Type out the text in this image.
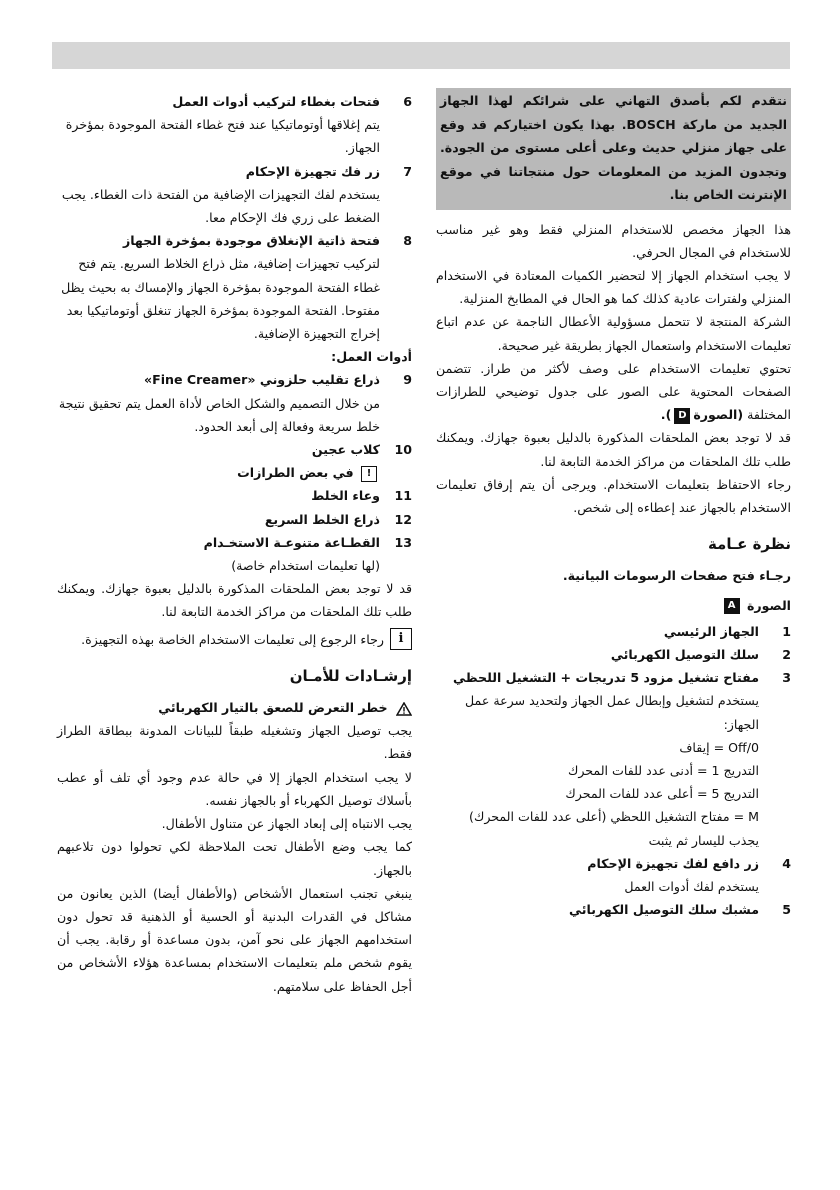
نتقدم لكم بأصدق التهاني على شرائكم لهذا الجهاز الجديد من ماركة BOSCH. بهذا يكون اختياركم قد وقع على جهاز منزلي حديث وعلى أعلى مستوى من الجودة. وتجدون المزيد من المعلومات حول منتجاتنا في موقع الإنترنت الخاص بنا.

هذا الجهاز مخصص للاستخدام المنزلي فقط وهو غير مناسب للاستخدام في المجال الحرفي.

لا يجب استخدام الجهاز إلا لتحضير الكميات المعتادة في الاستخدام المنزلي ولفترات عادية كذلك كما هو الحال في المطابخ المنزلية.

الشركة المنتجة لا تتحمل مسؤولية الأعطال الناجمة عن عدم اتباع تعليمات الاستخدام واستعمال الجهاز بطريقة غير صحيحة.

تحتوي تعليمات الاستخدام على وصف لأكثر من طراز. تتضمن الصفحات المحتوية على الصور على جدول توضيحي للطرازات المختلفة (الصورةD).

قد لا توجد بعض الملحقات المذكورة بالدليل بعبوة جهازك. ويمكنك طلب تلك الملحقات من مراكز الخدمة التابعة لنا.

رجاء الاحتفاظ بتعليمات الاستخدام. ويرجى أن يتم إرفاق تعليمات الاستخدام بالجهاز عند إعطاءه إلى شخص.

نظرة عـامة
رجـاء فتح صفحات الرسومات البيانية.
الصورة A
1
الجهاز الرئيسي
2
سلك التوصيل الكهربائي
3
مفتاح تشغيل مزود 5 تدريجات + التشغيل اللحظي
يستخدم لتشغيل وإبطال عمل الجهاز ولتحديد سرعة عمل الجهاز:
Off/0 = إيقاف
التدريج 1 = أدنى عدد للفات المحرك
التدريج 5 = أعلى عدد للفات المحرك
M = مفتاح التشغيل اللحظي (أعلى عدد للفات المحرك) يجذب لليسار ثم يثبت
4
زر دافع لفك تجهيزة الإحكام
يستخدم لفك أدوات العمل
5
مشبك سلك التوصيل الكهربائي
6
فتحات بغطاء لتركيب أدوات العمل
يتم إغلاقها أوتوماتيكيا عند فتح غطاء الفتحة الموجودة بمؤخرة الجهاز.
7
زر فك تجهيزة الإحكام
يستخدم لفك التجهيزات الإضافية من الفتحة ذات الغطاء. يجب الضغط على زري فك الإحكام معا.
8
فتحة ذاتية الإنغلاق موجودة بمؤخرة الجهاز
لتركيب تجهيزات إضافية، مثل ذراع الخلاط السريع. يتم فتح غطاء الفتحة الموجودة بمؤخرة الجهاز والإمساك به بحيث يظل مفتوحا. الفتحة الموجودة بمؤخرة الجهاز تنغلق أوتوماتيكيا بعد إخراج التجهيزة الإضافية.
أدوات العمل:
9
ذراع تقليب حلزوني «Fine Creamer»
من خلال التصميم والشكل الخاص لأداة العمل يتم تحقيق نتيجة خلط سريعة وفعالة إلى أبعد الحدود.
10
كلاب عجين
! في بعض الطرازات
11
وعاء الخلط
12
ذراع الخلط السريع
13
القطـاعة متنوعـة الاستخـدام
(لها تعليمات استخدام خاصة)

قد لا توجد بعض الملحقات المذكورة بالدليل بعبوة جهازك. ويمكنك طلب تلك الملحقات من مراكز الخدمة التابعة لنا.

i
رجاء الرجوع إلى تعليمات الاستخدام الخاصة بهذه التجهيزة.
إرشـادات للأمـان
خطر التعرض للصعق بالتيار الكهربائي

يجب توصيل الجهاز وتشغيله طبقاً للبيانات المدونة ببطاقة الطراز فقط.

لا يجب استخدام الجهاز إلا في حالة عدم وجود أي تلف أو عطب بأسلاك توصيل الكهرباء أو بالجهاز نفسه.

يجب الانتباه إلى إبعاد الجهاز عن متناول الأطفال.

كما يجب وضع الأطفال تحت الملاحظة لكي تحولوا دون تلاعبهم بالجهاز.

ينبغي تجنب استعمال الأشخاص (والأطفال أيضا) الذين يعانون من مشاكل في القدرات البدنية أو الحسية أو الذهنية قد تحول دون استخدامهم الجهاز على نحو آمن، بدون مساعدة أو رقابة. يجب أن يقوم شخص ملم بتعليمات الاستخدام بمساعدة هؤلاء الأشخاص من أجل الحفاظ على سلامتهم.
